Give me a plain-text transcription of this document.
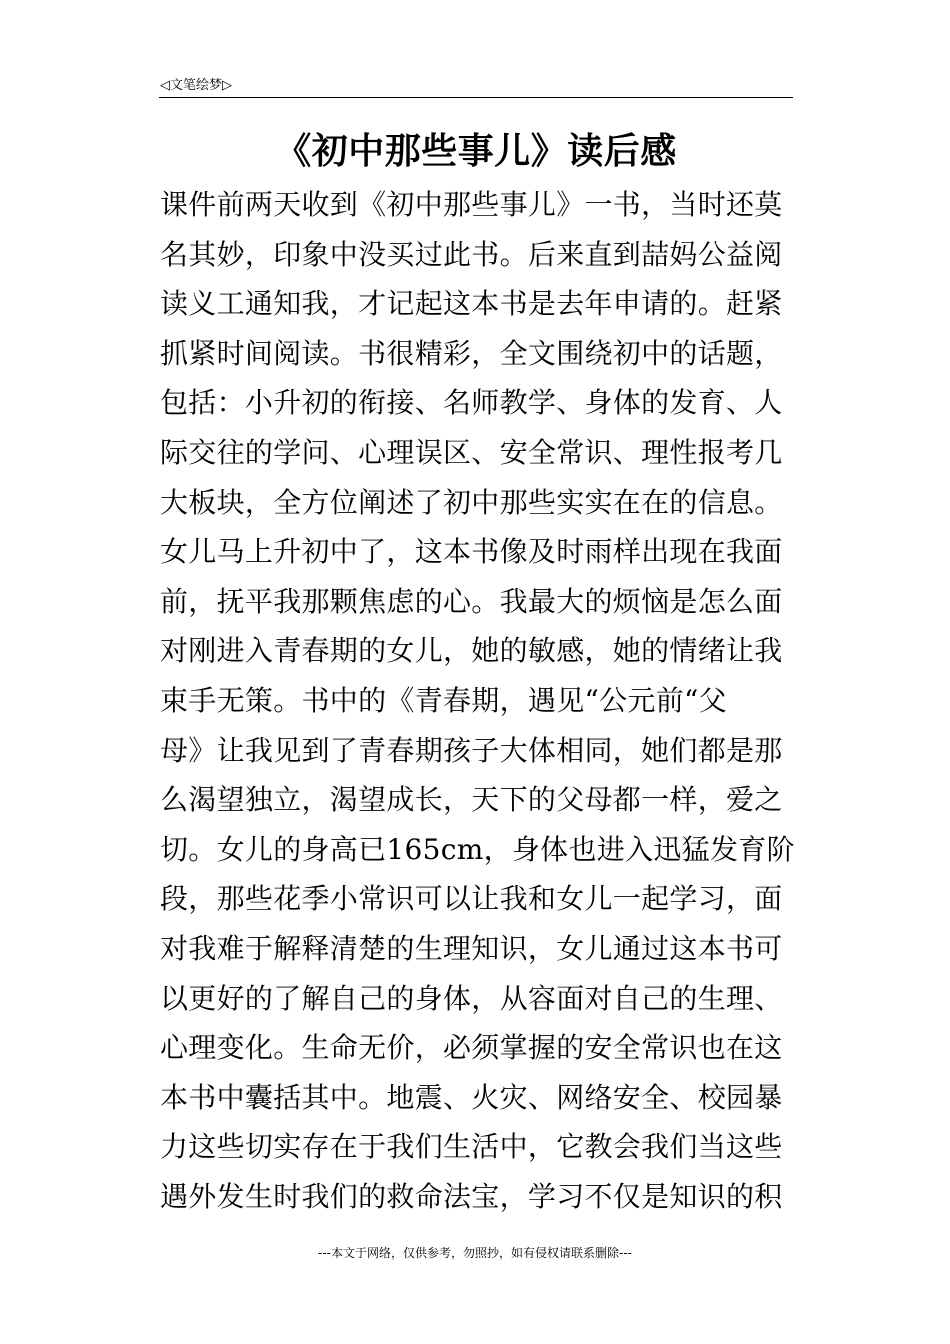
◁文笔绘梦▷
《初中那些事儿》读后感
课件前两天收到《初中那些事儿》一书，当时还莫
名其妙，印象中没买过此书。后来直到喆妈公益阅
读义工通知我，才记起这本书是去年申请的。赶紧
抓紧时间阅读。书很精彩，全文围绕初中的话题，
包括：小升初的衔接、名师教学、身体的发育、人
际交往的学问、心理误区、安全常识、理性报考几
大板块，全方位阐述了初中那些实实在在的信息。
女儿马上升初中了，这本书像及时雨样出现在我面
前，抚平我那颗焦虑的心。我最大的烦恼是怎么面
对刚进入青春期的女儿，她的敏感，她的情绪让我
束手无策。书中的《青春期，遇见“公元前“父
母》让我见到了青春期孩子大体相同，她们都是那
么渴望独立，渴望成长，天下的父母都一样，爱之
切。女儿的身高已165cm，身体也进入迅猛发育阶
段，那些花季小常识可以让我和女儿一起学习，面
对我难于解释清楚的生理知识，女儿通过这本书可
以更好的了解自己的身体，从容面对自己的生理、
心理变化。生命无价，必须掌握的安全常识也在这
本书中囊括其中。地震、火灾、网络安全、校园暴
力这些切实存在于我们生活中，它教会我们当这些
遇外发生时我们的救命法宝，学习不仅是知识的积
---本文于网络，仅供参考，勿照抄，如有侵权请联系删除---
